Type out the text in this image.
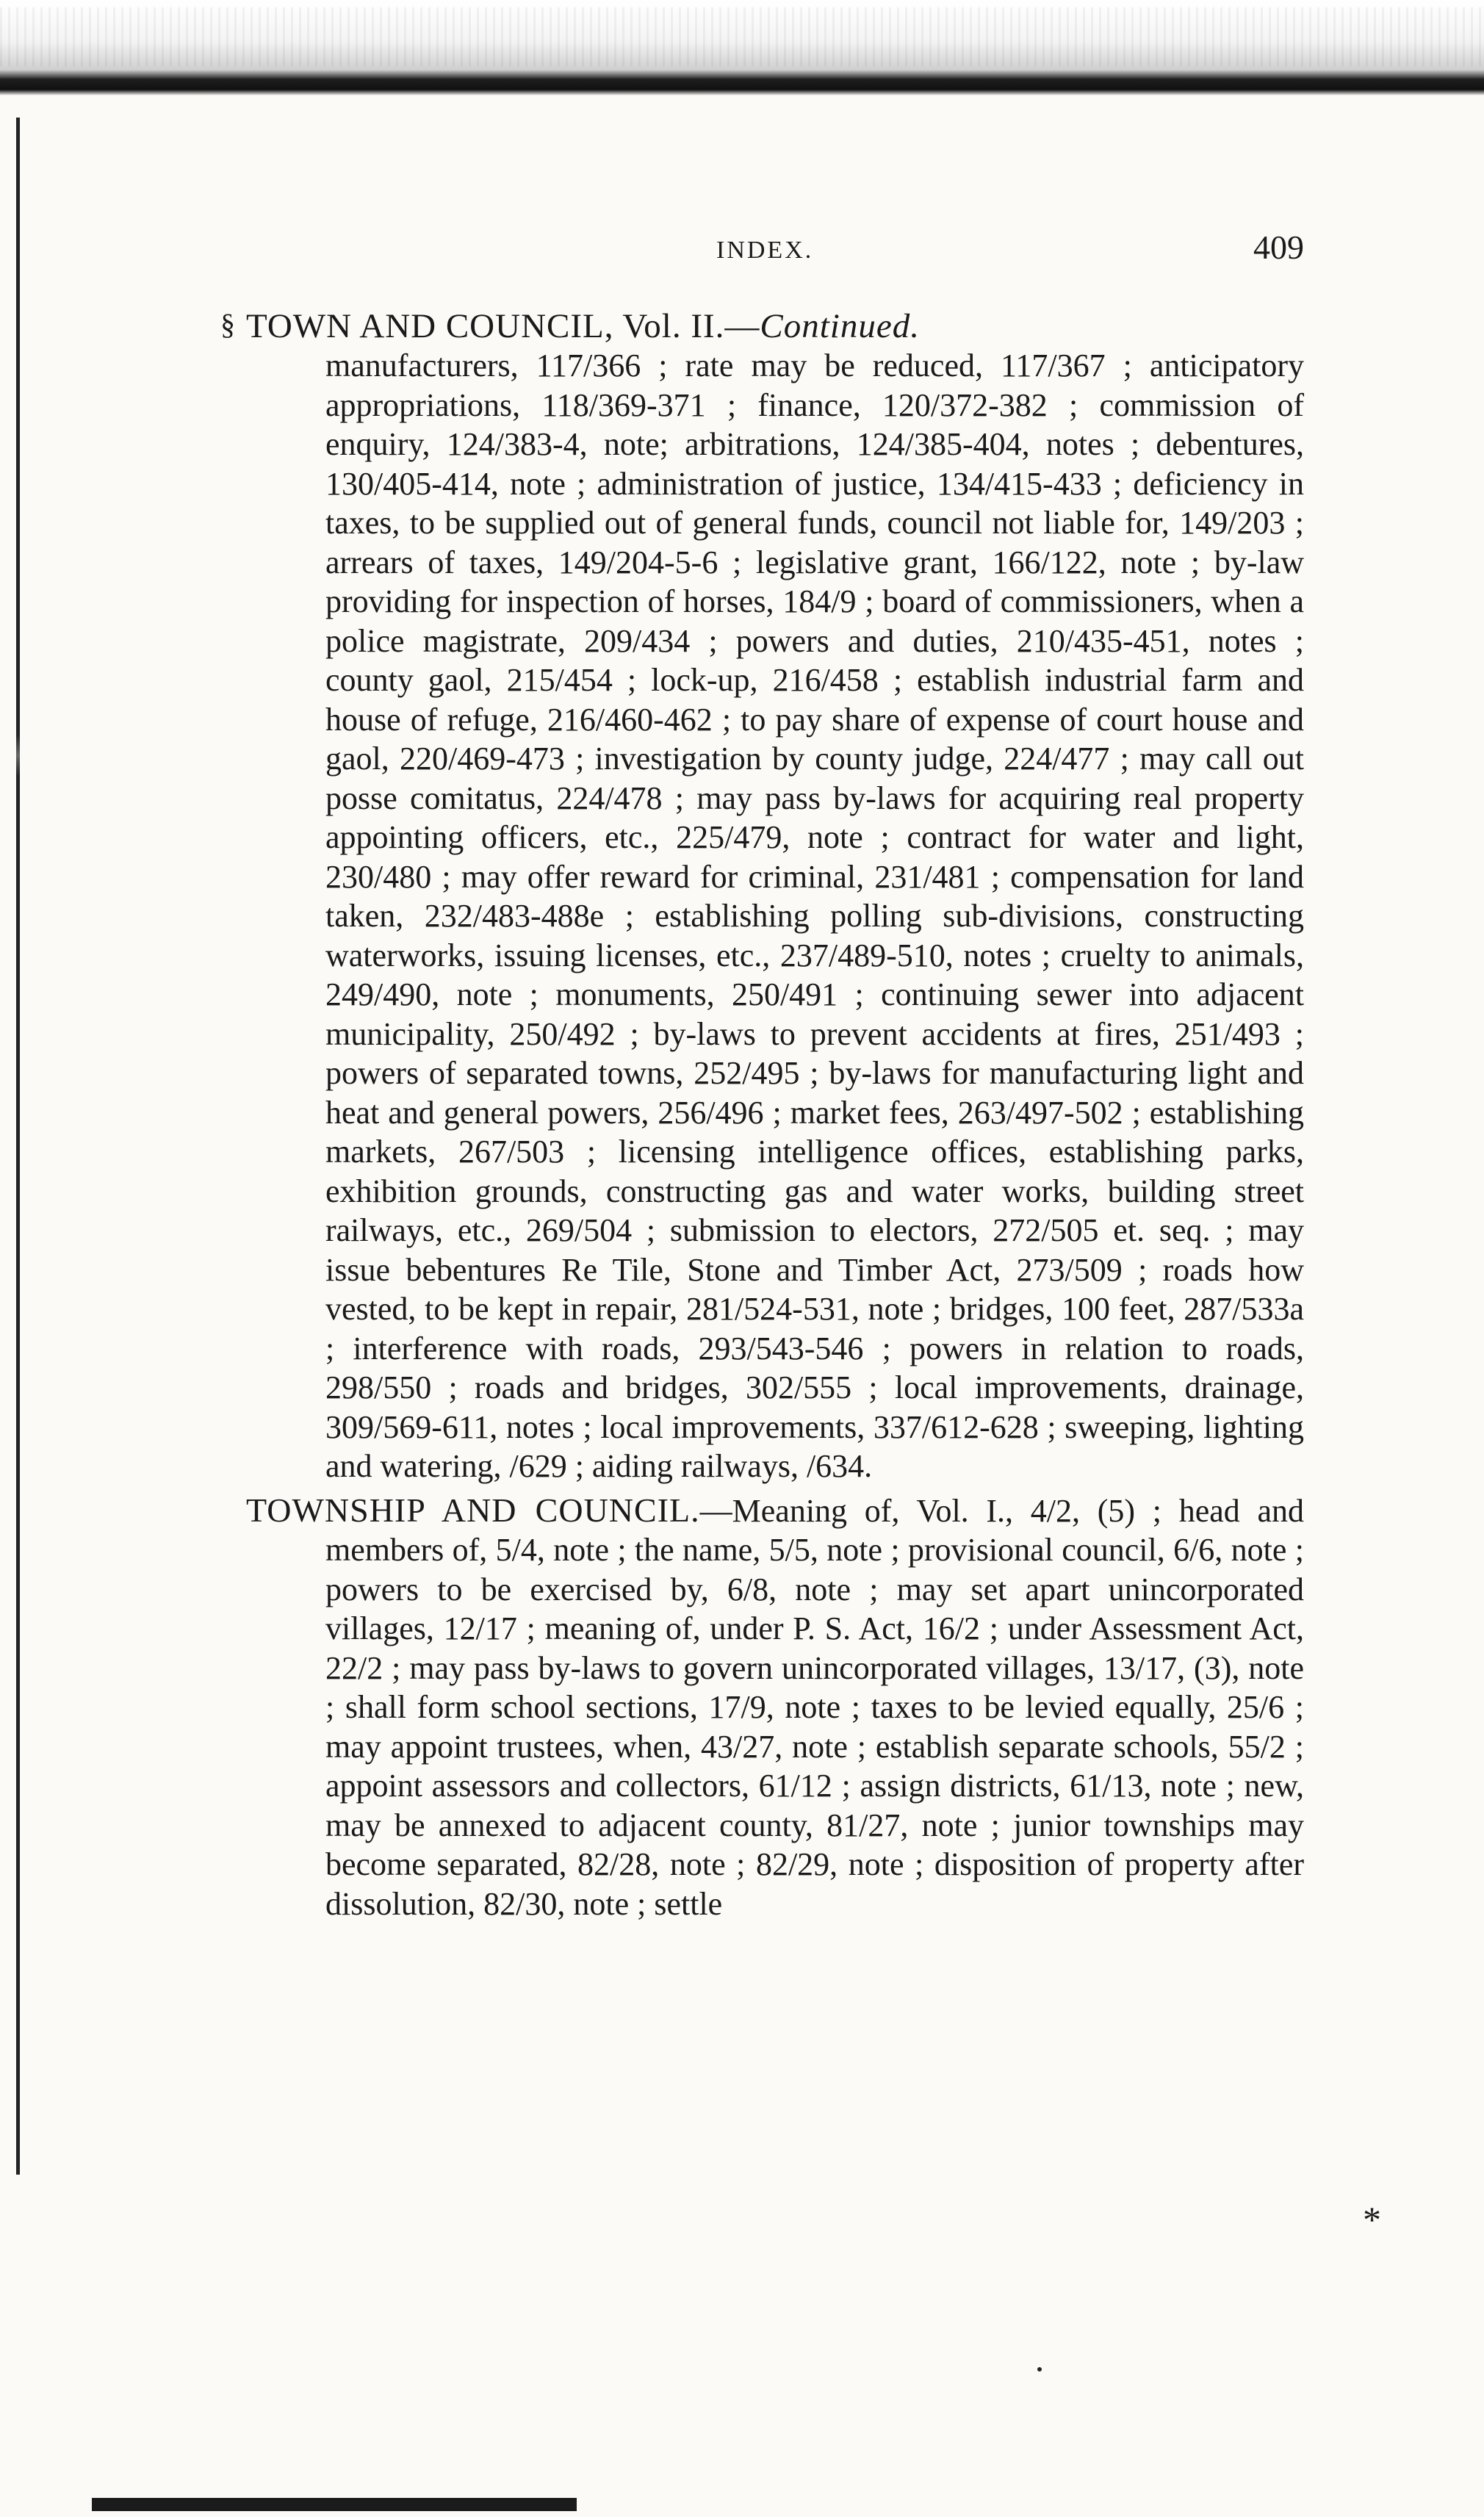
§
*
INDEX.	409
TOWN AND COUNCIL, Vol. II.—Continued.
manufacturers, 117/366 ; rate may be reduced, 117/367 ; anticipatory appropriations, 118/369-371 ; finance, 120/372-382 ; commission of enquiry, 124/383-4, note; arbitrations, 124/385-404, notes ; debentures, 130/405-414, note ; administration of justice, 134/415-433 ; deficiency in taxes, to be supplied out of general funds, council not liable for, 149/203 ; arrears of taxes, 149/204-5-6 ; legislative grant, 166/122, note ; by-law providing for inspection of horses, 184/9 ; board of commissioners, when a police magistrate, 209/434 ; powers and duties, 210/435-451, notes ; county gaol, 215/454 ; lock-up, 216/458 ; establish industrial farm and house of refuge, 216/460-462 ; to pay share of expense of court house and gaol, 220/469-473 ; investigation by county judge, 224/477 ; may call out posse comitatus, 224/478 ; may pass by-laws for acquiring real property appointing officers, etc., 225/479, note ; contract for water and light, 230/480 ; may offer reward for criminal, 231/481 ; compensation for land taken, 232/483-488e ; establishing polling sub-divisions, constructing waterworks, issuing licenses, etc., 237/489-510, notes ; cruelty to animals, 249/490, note ; monuments, 250/491 ; continuing sewer into adjacent municipality, 250/492 ; by-laws to prevent accidents at fires, 251/493 ; powers of separated towns, 252/495 ; by-laws for manufacturing light and heat and general powers, 256/496 ; market fees, 263/497-502 ; establishing markets, 267/503 ; licensing intelligence offices, establishing parks, exhibition grounds, constructing gas and water works, building street railways, etc., 269/504 ; submission to electors, 272/505 et. seq. ; may issue bebentures Re Tile, Stone and Timber Act, 273/509 ; roads how vested, to be kept in repair, 281/524-531, note ; bridges, 100 feet, 287/533a ; interference with roads, 293/543-546 ; powers in relation to roads, 298/550 ; roads and bridges, 302/555 ; local improvements, drainage, 309/569-611, notes ; local improvements, 337/612-628 ; sweeping, lighting and watering, /629 ; aiding railways, /634.
TOWNSHIP AND COUNCIL.—Meaning of, Vol. I., 4/2, (5) ; head and members of, 5/4, note ; the name, 5/5, note ; provisional council, 6/6, note ; powers to be exercised by, 6/8, note ; may set apart unincorporated villages, 12/17 ; meaning of, under P. S. Act, 16/2 ; under Assessment Act, 22/2 ; may pass by-laws to govern unincorporated villages, 13/17, (3), note ; shall form school sections, 17/9, note ; taxes to be levied equally, 25/6 ; may appoint trustees, when, 43/27, note ; establish separate schools, 55/2 ; appoint assessors and collectors, 61/12 ; assign districts, 61/13, note ; new, may be annexed to adjacent county, 81/27, note ; junior townships may become separated, 82/28, note ; 82/29, note ; disposition of property after dissolution, 82/30, note ; settle
